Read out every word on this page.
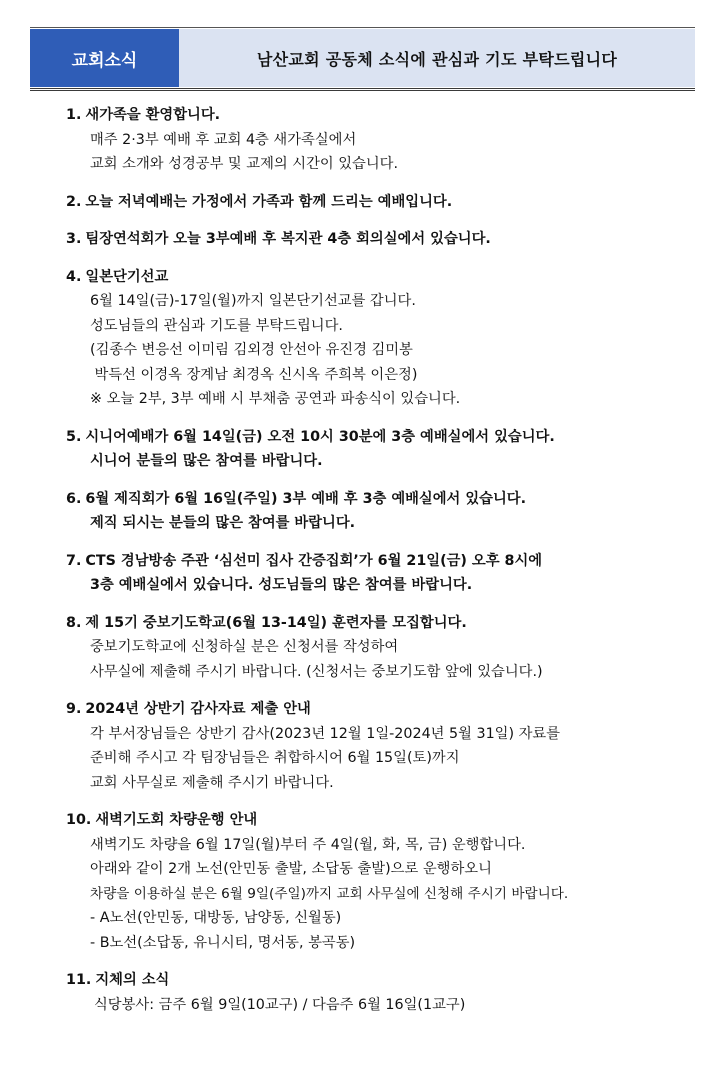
교회소식	남산교회 공동체 소식에 관심과 기도 부탁드립니다
1. 새가족을 환영합니다.
매주 2·3부 예배 후 교회 4층 새가족실에서
교회 소개와 성경공부 및 교제의 시간이 있습니다.
2. 오늘 저녁예배는 가정에서 가족과 함께 드리는 예배입니다.
3. 팀장연석회가 오늘 3부예배 후 복지관 4층 회의실에서 있습니다.
4. 일본단기선교
6월 14일(금)-17일(월)까지 일본단기선교를 갑니다.
성도님들의 관심과 기도를 부탁드립니다.
(김종수 변응선 이미림 김외경 안선아 유진경 김미봉
박득선 이경옥 장계남 최경옥 신시옥 주희복 이은정)
※ 오늘 2부, 3부 예배 시 부채춤 공연과 파송식이 있습니다.
5. 시니어예배가 6월 14일(금) 오전 10시 30분에 3층 예배실에서 있습니다.
시니어 분들의 많은 참여를 바랍니다.
6. 6월 제직회가 6월 16일(주일) 3부 예배 후 3층 예배실에서 있습니다.
제직 되시는 분들의 많은 참여를 바랍니다.
7. CTS 경남방송 주관 ‘심선미 집사 간증집회’가 6월 21일(금) 오후 8시에
3층 예배실에서 있습니다. 성도님들의 많은 참여를 바랍니다.
8. 제 15기 중보기도학교(6월 13-14일) 훈련자를 모집합니다.
중보기도학교에 신청하실 분은 신청서를 작성하여
사무실에 제출해 주시기 바랍니다. (신청서는 중보기도함 앞에 있습니다.)
9. 2024년 상반기 감사자료 제출 안내
각 부서장님들은 상반기 감사(2023년 12월 1일-2024년 5월 31일) 자료를
준비해 주시고 각 팀장님들은 취합하시어 6월 15일(토)까지
교회 사무실로 제출해 주시기 바랍니다.
10. 새벽기도회 차량운행 안내
새벽기도 차량을 6월 17일(월)부터 주 4일(월, 화, 목, 금) 운행합니다.
아래와 같이 2개 노선(안민동 출발, 소답동 출발)으로 운행하오니
차량을 이용하실 분은 6월 9일(주일)까지 교회 사무실에 신청해 주시기 바랍니다.
- A노선(안민동, 대방동, 남양동, 신월동)
- B노선(소답동, 유니시티, 명서동, 봉곡동)
11. 지체의 소식
식당봉사: 금주 6월 9일(10교구) / 다음주 6월 16일(1교구)
